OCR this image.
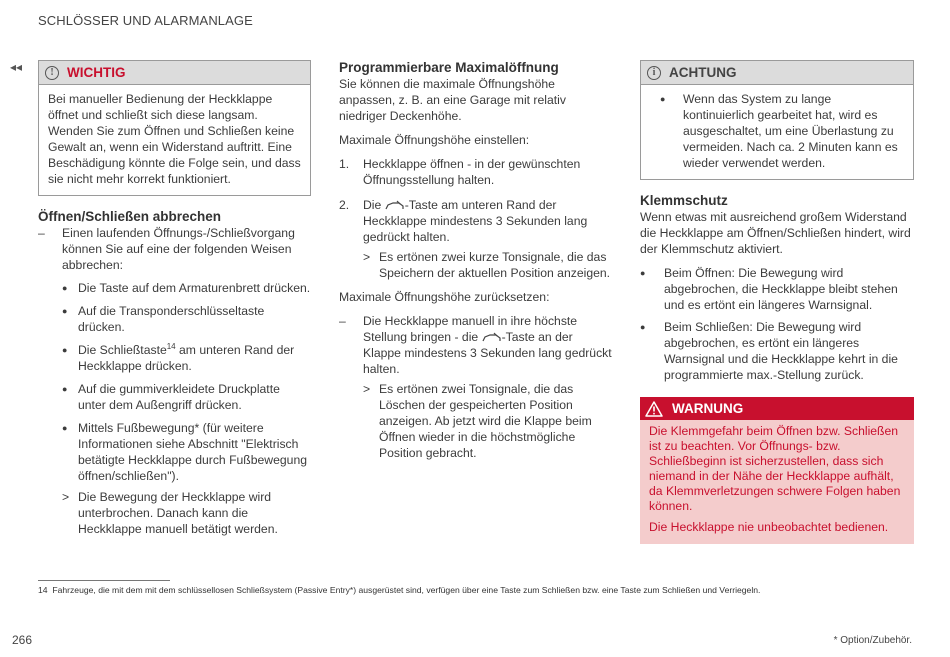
SCHLÖSSER UND ALARMANLAGE
◂◂	! WICHTIG

Bei manueller Bedienung der Heckklappe öffnet und schließt sich diese langsam. Wenden Sie zum Öffnen und Schließen keine Gewalt an, wenn ein Widerstand auftritt. Eine Beschädigung könnte die Folge sein, und dass sie nicht mehr korrekt funktioniert.

Öffnen/Schließen abbrechen
–	Einen laufenden Öffnungs-/Schließvorgang können Sie auf eine der folgenden Weisen abbrechen:
● Die Taste auf dem Armaturenbrett drücken.
● Auf die Transponderschlüsseltaste drücken.
● Die Schließtaste$^{14}$ am unteren Rand der Heckklappe drücken.
● Auf die gummiverkleidete Druckplatte unter dem Außengriff drücken.
● Mittels Fußbewegung* (für weitere Informationen siehe Abschnitt "Elektrisch betätigte Heckklappe durch Fußbewegung öffnen/schließen").
> Die Bewegung der Heckklappe wird unterbrochen. Danach kann die Heckklappe manuell betätigt werden.
Programmierbare Maximalöffnung

Sie können die maximale Öffnungshöhe anpassen, z. B. an eine Garage mit relativ niedriger Deckenhöhe.

Maximale Öffnungshöhe einstellen:

1.	Heckklappe öffnen - in der gewünschten Öffnungsstellung halten.
2.	Die -Taste am unteren Rand der Heckklappe mindestens 3 Sekunden lang gedrückt halten.
> Es ertönen zwei kurze Tonsignale, die das Speichern der aktuellen Position anzeigen.

Maximale Öffnungshöhe zurücksetzen:

–	Die Heckklappe manuell in ihre höchste Stellung bringen - die -Taste an der Klappe mindestens 3 Sekunden lang gedrückt halten.
> Es ertönen zwei Tonsignale, die das Löschen der gespeicherten Position anzeigen. Ab jetzt wird die Klappe beim Öffnen wieder in die höchstmögliche Position gebracht.
i	ACHTUNG
●	Wenn das System zu lange kontinuierlich gearbeitet hat, wird es ausgeschaltet, um eine Überlastung zu vermeiden. Nach ca. 2 Minuten kann es wieder verwendet werden.
Klemmschutz

Wenn etwas mit ausreichend großem Widerstand die Heckklappe am Öffnen/Schließen hindert, wird der Klemmschutz aktiviert.

●	Beim Öffnen: Die Bewegung wird abgebrochen, die Heckklappe bleibt stehen und es ertönt ein längeres Warnsignal.
●	Beim Schließen: Die Bewegung wird abgebrochen, es ertönt ein längeres Warnsignal und die Heckklappe kehrt in die programmierte max.-Stellung zurück.
WARNUNG

Die Klemmgefahr beim Öffnen bzw. Schließen ist zu beachten. Vor Öffnungs- bzw. Schließbeginn ist sicherzustellen, dass sich niemand in der Nähe der Heckklappe aufhält, da Klemmverletzungen schwere Folgen haben können.

Die Heckklappe nie unbeobachtet bedienen.

14 Fahrzeuge, die mit dem mit dem schlüssellosen Schließsystem (Passive Entry*) ausgerüstet sind, verfügen über eine Taste zum Schließen bzw. eine Taste zum Schließen und Verriegeln.
266	* Option/Zubehör.
